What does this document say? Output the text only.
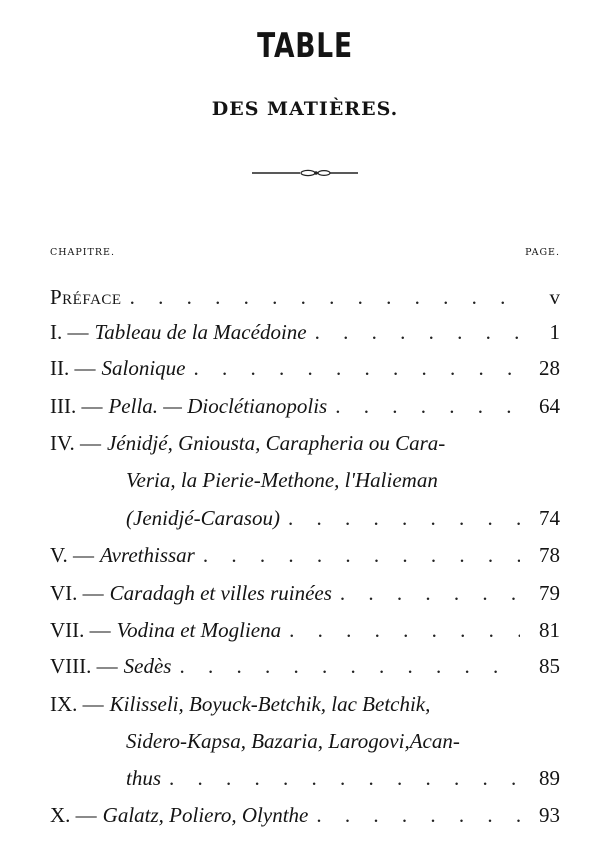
TABLE
DES MATIÈRES.
CHAPITRE.	PAGE.
Préface . . .	v
I. — Tableau de la Macédoine . . .	1
II. — Salonique . . .	28
III. — Pella. — Dioclétianopolis . . .	64
IV. — Jénidjé, Gniousta, Carapheria ou Cara-
Veria, la Pierie-Methone, l'Halieman
(Jenidjé-Carasou) . . .	74
V. — Avrethissar . . .	78
VI. — Caradagh et villes ruinées . . .	79
VII. — Vodina et Mogliena . . .	81
VIII. — Sedès . . .	85
IX. — Kilisseli, Boyuck-Betchik, lac Betchik,
Sidero-Kapsa, Bazaria, Larogovi,Acan-
thus . . .	89
X. — Galatz, Poliero, Olynthe . . .	93
